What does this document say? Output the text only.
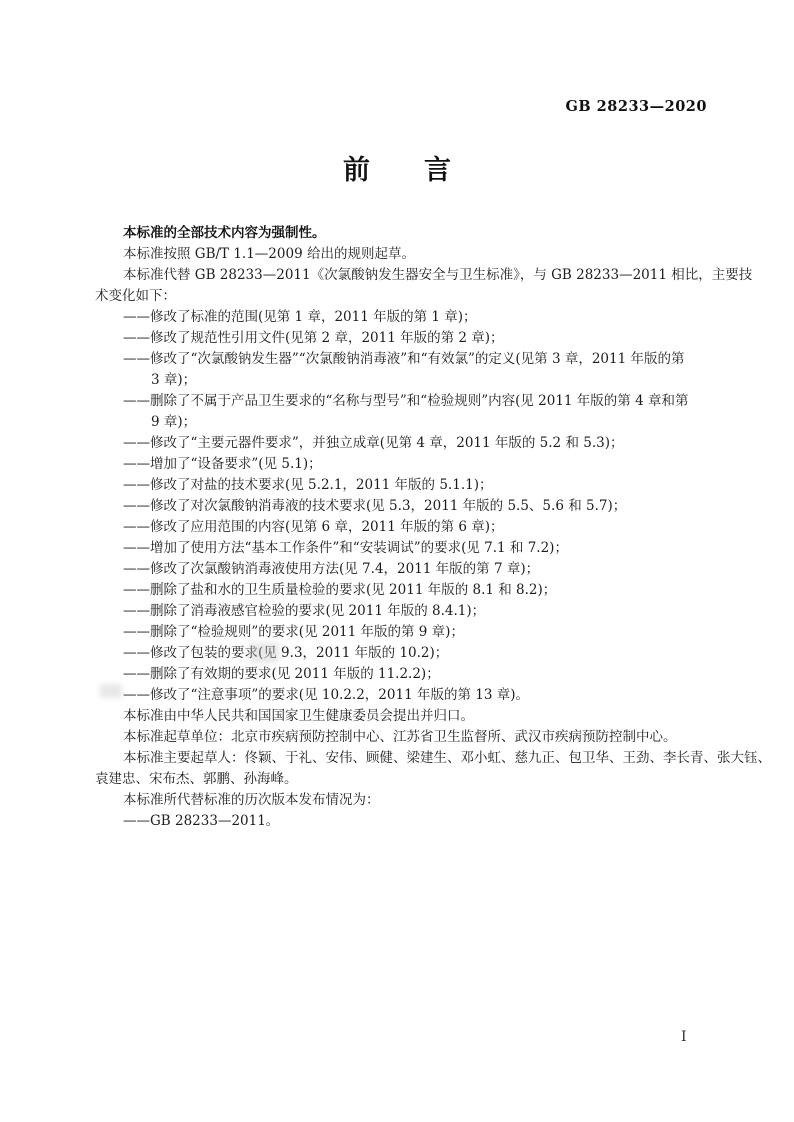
GB 28233—2020
前　　言
本标准的全部技术内容为强制性。
本标准按照 GB/T 1.1—2009 给出的规则起草。
本标准代替 GB 28233—2011《次氯酸钠发生器安全与卫生标准》，与 GB 28233—2011 相比，主要技
术变化如下：
——修改了标准的范围(见第 1 章，2011 年版的第 1 章)；
——修改了规范性引用文件(见第 2 章，2011 年版的第 2 章)；
——修改了“次氯酸钠发生器”“次氯酸钠消毒液”和“有效氯”的定义(见第 3 章，2011 年版的第
3 章)；
——删除了不属于产品卫生要求的“名称与型号”和“检验规则”内容(见 2011 年版的第 4 章和第
9 章)；
——修改了“主要元器件要求”，并独立成章(见第 4 章，2011 年版的 5.2 和 5.3)；
——增加了“设备要求”(见 5.1)；
——修改了对盐的技术要求(见 5.2.1，2011 年版的 5.1.1)；
——修改了对次氯酸钠消毒液的技术要求(见 5.3，2011 年版的 5.5、5.6 和 5.7)；
——修改了应用范围的内容(见第 6 章，2011 年版的第 6 章)；
——增加了使用方法“基本工作条件”和“安装调试”的要求(见 7.1 和 7.2)；
——修改了次氯酸钠消毒液使用方法(见 7.4，2011 年版的第 7 章)；
——删除了盐和水的卫生质量检验的要求(见 2011 年版的 8.1 和 8.2)；
——删除了消毒液感官检验的要求(见 2011 年版的 8.4.1)；
——删除了“检验规则”的要求(见 2011 年版的第 9 章)；
——修改了包装的要求(见 9.3，2011 年版的 10.2)；
——删除了有效期的要求(见 2011 年版的 11.2.2)；
——修改了“注意事项”的要求(见 10.2.2，2011 年版的第 13 章)。
本标准由中华人民共和国国家卫生健康委员会提出并归口。
本标准起草单位：北京市疾病预防控制中心、江苏省卫生监督所、武汉市疾病预防控制中心。
本标准主要起草人：佟颖、于礼、安伟、顾健、梁建生、邓小虹、慈九正、包卫华、王劲、李长青、张大钰、
袁建忠、宋布杰、郭鹏、孙海峰。
本标准所代替标准的历次版本发布情况为：
——GB 28233—2011。
I
